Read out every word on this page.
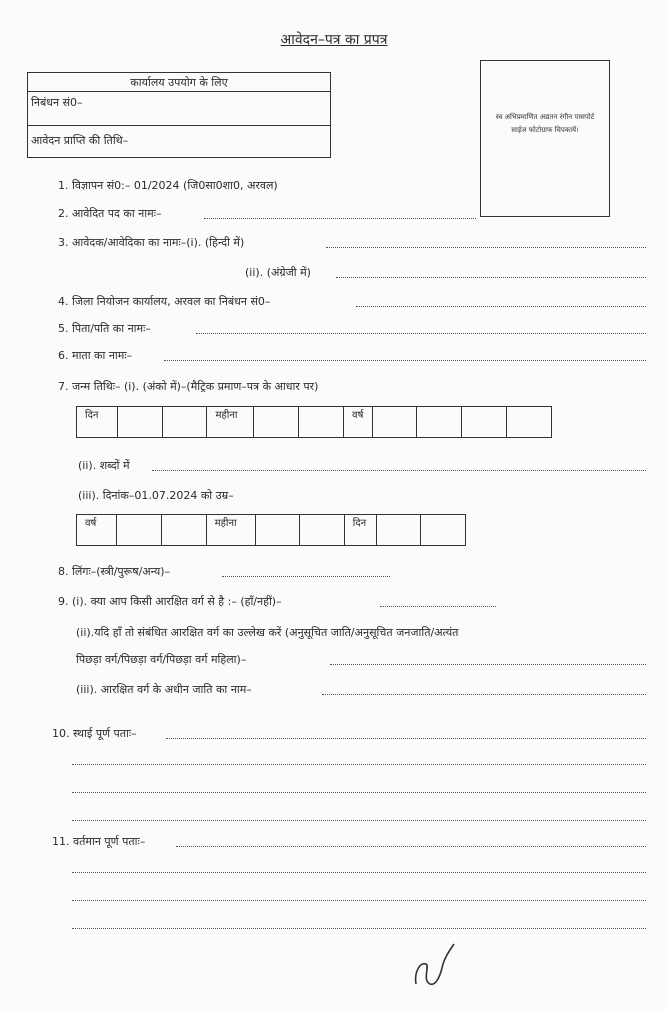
आवेदन–पत्र का प्रपत्र
कार्यालय उपयोग के लिए
निबंधन सं0–
आवेदन प्राप्ति की तिथि–
स्व अभिप्रमाणित अद्यतन रंगीन पासपोर्ट साईज फोटोग्राफ चिपकायें।
1. विज्ञापन सं0:– 01/2024 (जि0सा0शा0, अरवल)
2. आवेदित पद का नामः–
3. आवेदक/आवेदिका का नामः–(i). (हिन्दी में)
(ii). (अंग्रेजी में)
4. जिला नियोजन कार्यालय, अरवल का निबंधन सं0–
5. पिता/पति का नामः–
6. माता का नामः–
7. जन्म तिथिः– (i). (अंको में)–(मैट्रिक प्रमाण–पत्र के आधार पर)
दिन			महीना			वर्ष				
(ii). शब्दों में
(iii). दिनांक–01.07.2024 को उम्र–
वर्ष			महीना			दिन		
8. लिंगः–(स्त्री/पुरूष/अन्य)–
9. (i). क्या आप किसी आरक्षित वर्ग से है :– (हाँ/नहीं)–
(ii).यदि हाँ तो संबंधित आरक्षित वर्ग का उल्लेख करें (अनुसूचित जाति/अनुसूचित जनजाति/अत्यंत
पिछड़ा वर्ग/पिछड़ा वर्ग/पिछड़ा वर्ग महिला)–
(iii). आरक्षित वर्ग के अधीन जाति का नाम–
10. स्थाई पूर्ण पताः–
11. वर्तमान पूर्ण पताः–
